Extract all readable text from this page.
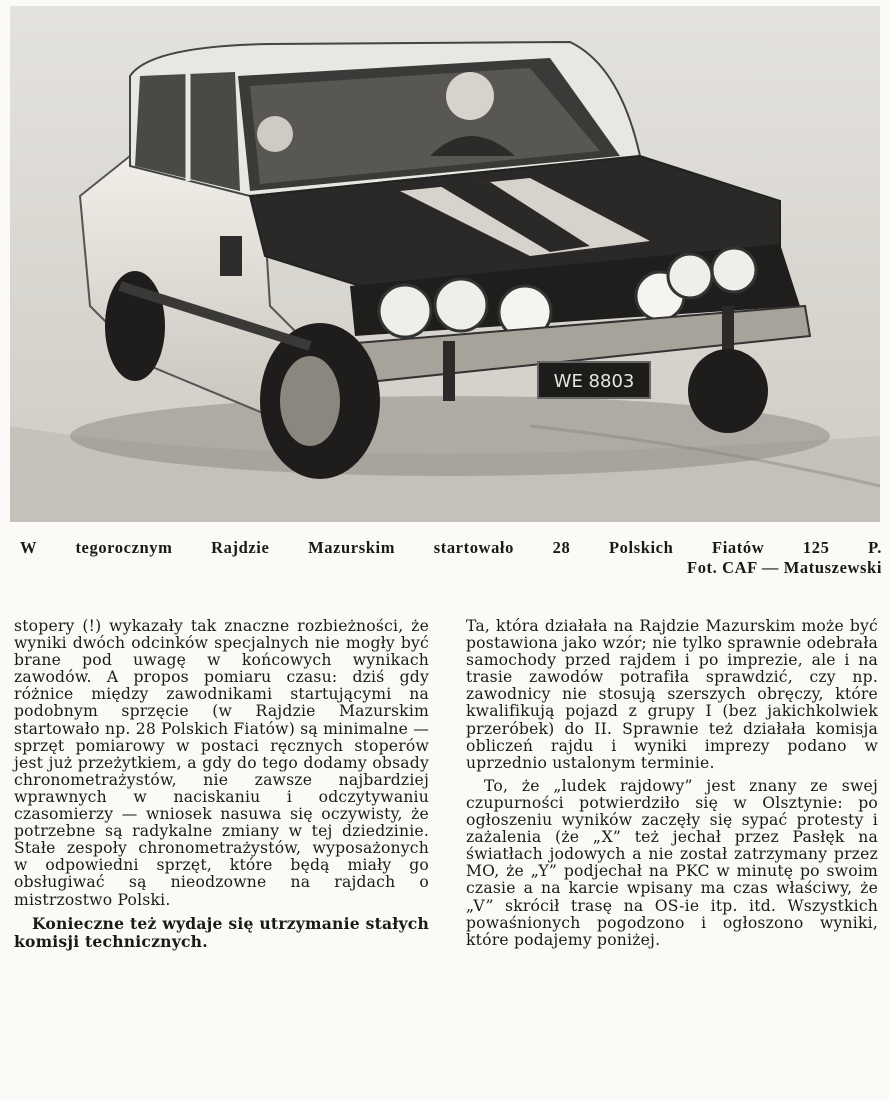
WE 8803
W tegorocznym Rajdzie Mazurskim startowało 28 Polskich Fiatów 125 P.
Fot. CAF — Matuszewski

stopery (!) wykazały tak znaczne rozbieżności, że wyniki dwóch odcinków specjalnych nie mogły być brane pod uwagę w końcowych wynikach zawodów. A propos pomiaru czasu: dziś gdy różnice między zawodnikami startującymi na podobnym sprzęcie (w Rajdzie Mazurskim startowało np. 28 Polskich Fiatów) są minimalne — sprzęt pomiarowy w postaci ręcznych stoperów jest już przeżytkiem, a gdy do tego dodamy obsady chronometrażystów, nie zawsze najbardziej wprawnych w naciskaniu i odczytywaniu czasomierzy — wniosek nasuwa się oczywisty, że potrzebne są radykalne zmiany w tej dziedzinie. Stałe zespoły chronometrażystów, wyposażonych w odpowiedni sprzęt, które będą miały go obsługiwać są nieodzowne na rajdach o mistrzostwo Polski.

Konieczne też wydaje się utrzymanie stałych komisji technicznych.

Ta, która działała na Rajdzie Mazurskim może być postawiona jako wzór; nie tylko sprawnie odebrała samochody przed rajdem i po imprezie, ale i na trasie zawodów potrafiła sprawdzić, czy np. zawodnicy nie stosują szerszych obręczy, które kwalifikują pojazd z grupy I (bez jakichkolwiek przeróbek) do II. Sprawnie też działała komisja obliczeń rajdu i wyniki imprezy podano w uprzednio ustalonym terminie.

To, że „ludek rajdowy” jest znany ze swej czupurności potwierdziło się w Olsztynie: po ogłoszeniu wyników zaczęły się sypać protesty i zażalenia (że „X” też jechał przez Pasłęk na światłach jodowych a nie został zatrzymany przez MO, że „Y” podjechał na PKC w minutę po swoim czasie a na karcie wpisany ma czas właściwy, że „V” skrócił trasę na OS-ie itp. itd. Wszystkich powaśnionych pogodzono i ogłoszono wyniki, które podajemy poniżej.
